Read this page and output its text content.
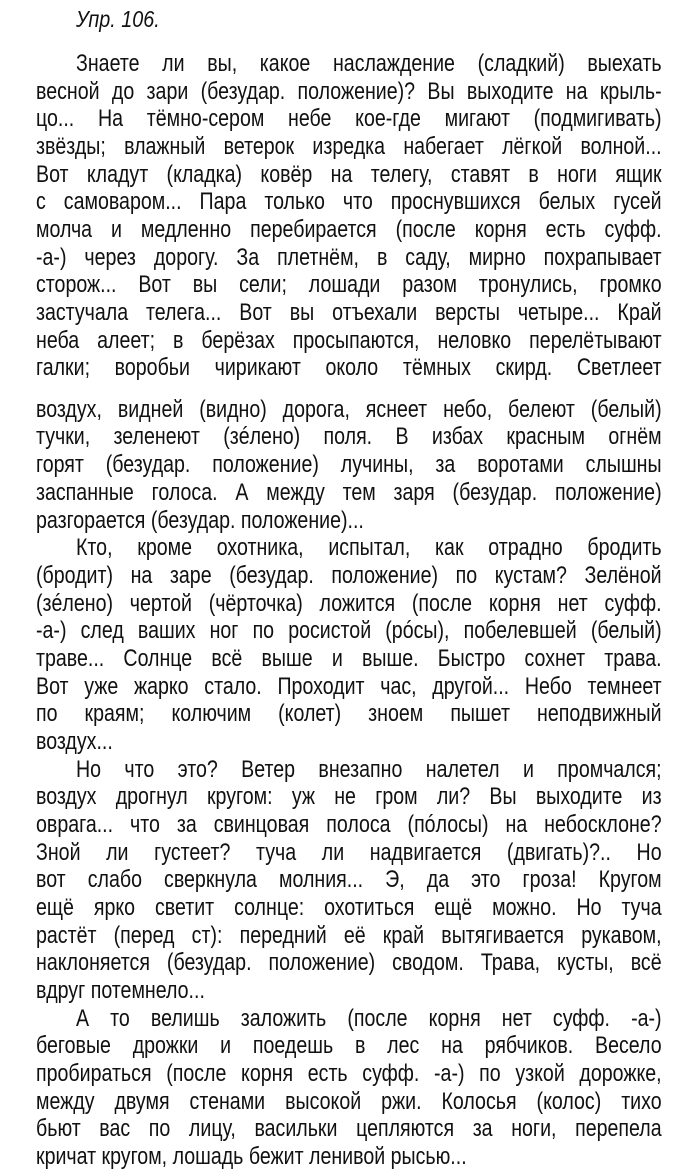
Упр. 106.
Знаете ли вы, какое наслаждение (сладкий) выехать
весной до зари (безудар. положение)? Вы выходите на крыль-
цо... На тёмно-сером небе кое-где мигают (подмигивать)
звёзды; влажный ветерок изредка набегает лёгкой волной...
Вот кладут (кладка) ковёр на телегу, ставят в ноги ящик
с самоваром... Пара только что проснувшихся белых гусей
молча и медленно перебирается (после корня есть суфф.
-а-) через дорогу. За плетнём, в саду, мирно похрапывает
сторож... Вот вы сели; лошади разом тронулись, громко
застучала телега... Вот вы отъехали версты четыре... Край
неба алеет; в берёзах просыпаются, неловко перелётывают
галки; воробьи чирикают около тёмных скирд. Светлеет
воздух, видней (видно) дорога, яснеет небо, белеют (белый)
тучки, зеленеют (зéлено) поля. В избах красным огнём
горят (безудар. положение) лучины, за воротами слышны
заспанные голоса. А между тем заря (безудар. положение)
разгорается (безудар. положение)...
Кто, кроме охотника, испытал, как отрадно бродить
(бродит) на заре (безудар. положение) по кустам? Зелёной
(зéлено) чертой (чёрточка) ложится (после корня нет суфф.
-а-) след ваших ног по росистой (рóсы), побелевшей (белый)
траве... Солнце всё выше и выше. Быстро сохнет трава.
Вот уже жарко стало. Проходит час, другой... Небо темнеет
по краям; колючим (колет) зноем пышет неподвижный
воздух...
Но что это? Ветер внезапно налетел и промчался;
воздух дрогнул кругом: уж не гром ли? Вы выходите из
оврага... что за свинцовая полоса (пóлосы) на небосклоне?
Зной ли густеет? туча ли надвигается (двигать)?.. Но
вот слабо сверкнула молния... Э, да это гроза! Кругом
ещё ярко светит солнце: охотиться ещё можно. Но туча
растёт (перед ст): передний её край вытягивается рукавом,
наклоняется (безудар. положение) сводом. Трава, кусты, всё
вдруг потемнело...
А то велишь заложить (после корня нет суфф. -а-)
беговые дрожки и поедешь в лес на рябчиков. Весело
пробираться (после корня есть суфф. -а-) по узкой дорожке,
между двумя стенами высокой ржи. Колосья (колос) тихо
бьют вас по лицу, васильки цепляются за ноги, перепела
кричат кругом, лошадь бежит ленивой рысью...
